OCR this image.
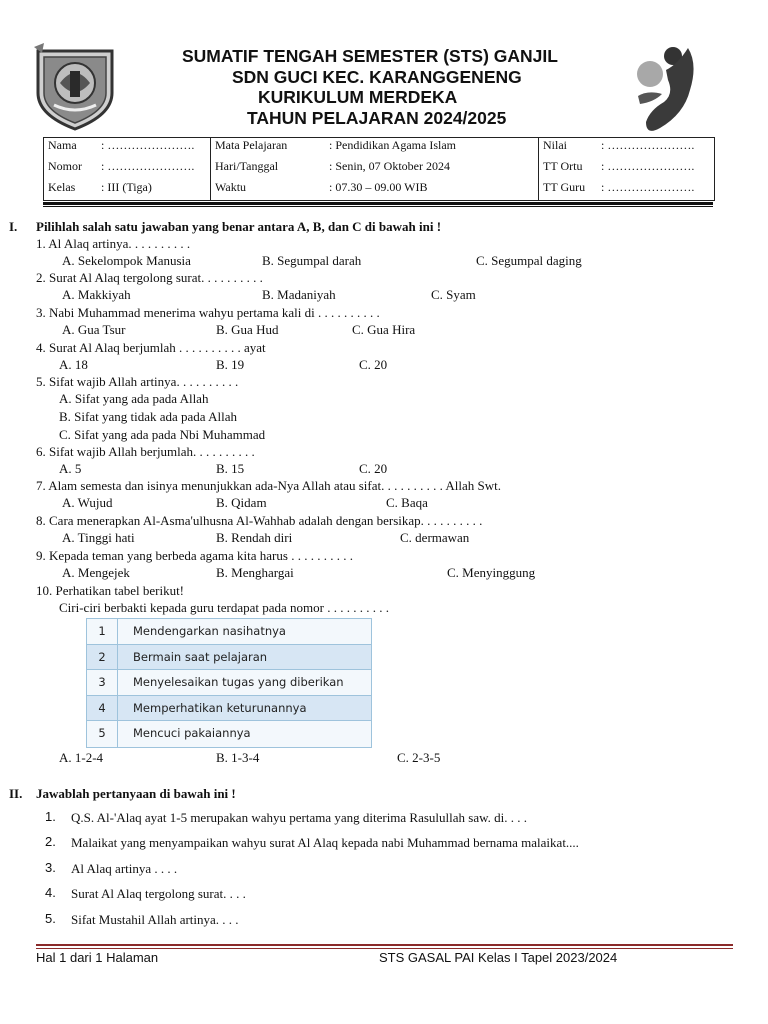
SUMATIF TENGAH SEMESTER (STS) GANJIL
SDN GUCI KEC. KARANGGENENG
KURIKULUM MERDEKA
TAHUN PELAJARAN 2024/2025
Nama : ………………….
Nomor : ………………….
Kelas : III (Tiga)
Mata Pelajaran	: Pendidikan Agama Islam
Hari/Tanggal	: Senin, 07 Oktober 2024
Waktu	: 07.30 – 09.00 WIB
Nilai	: ………………….
TT Ortu : ………………….
TT Guru : ………………….
I. Pilihlah salah satu jawaban yang benar antara A, B, dan C di bawah ini !
1. Al Alaq artinya. . . . . . . . . .
A. Sekelompok Manusia	B. Segumpal darah	C. Segumpal daging
2. Surat Al Alaq tergolong surat. . . . . . . . . .
A. Makkiyah	B. Madaniyah	C. Syam
3. Nabi Muhammad menerima wahyu pertama kali di . . . . . . . . . .
A. Gua Tsur	B. Gua Hud	C. Gua Hira
4. Surat Al Alaq berjumlah . . . . . . . . . . ayat
A. 18	B. 19	C. 20
5. Sifat wajib Allah artinya. . . . . . . . . .
A. Sifat yang ada pada Allah
B. Sifat yang tidak ada pada Allah
C. Sifat yang ada pada Nbi Muhammad
6. Sifat wajib Allah berjumlah. . . . . . . . . .
A. 5	B. 15	C. 20
7. Alam semesta dan isinya menunjukkan ada-Nya Allah atau sifat. . . . . . . . . . Allah Swt.
A. Wujud	B. Qidam	C. Baqa
8. Cara menerapkan Al-Asma'ulhusna Al-Wahhab adalah dengan bersikap. . . . . . . . . .
A. Tinggi hati	B. Rendah diri	C. dermawan
9. Kepada teman yang berbeda agama kita harus . . . . . . . . . .
A. Mengejek	B. Menghargai	C. Menyinggung
10. Perhatikan tabel berikut!
Ciri-ciri berbakti kepada guru terdapat pada nomor . . . . . . . . . .
1	Mendengarkan nasihatnya
2	Bermain saat pelajaran
3	Menyelesaikan tugas yang diberikan
4	Memperhatikan keturunannya
5	Mencuci pakaiannya
A. 1-2-4	B. 1-3-4	C. 2-3-5
II. Jawablah pertanyaan di bawah ini !
1. Q.S. Al-'Alaq ayat 1-5 merupakan wahyu pertama yang diterima Rasulullah saw. di. . . .
2. Malaikat yang menyampaikan wahyu surat Al Alaq kepada nabi Muhammad bernama malaikat....
3. Al Alaq artinya . . . .
4. Surat Al Alaq tergolong surat. . . .
5. Sifat Mustahil Allah artinya. . . .
Hal 1 dari 1 Halaman	STS GASAL PAI Kelas I Tapel 2023/2024
